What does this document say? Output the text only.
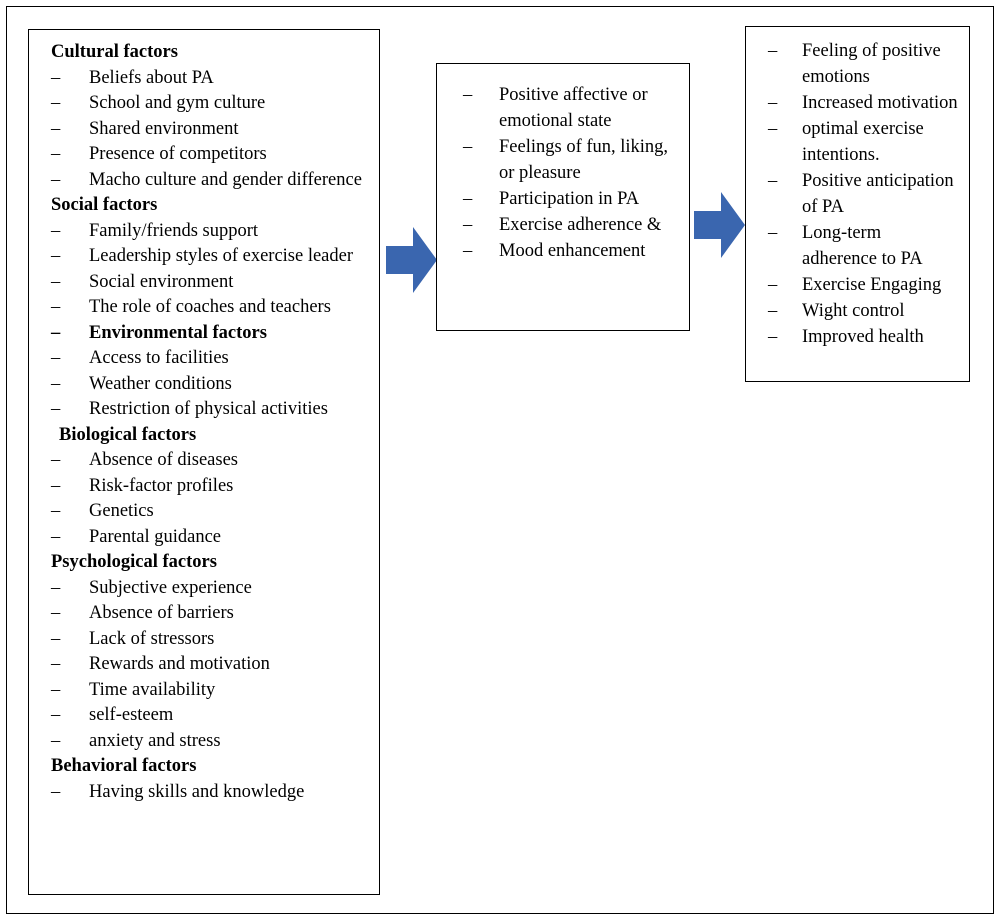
Cultural factors
– Beliefs about PA
– School and gym culture
– Shared environment
– Presence of competitors
– Macho culture and gender difference
Social factors
– Family/friends support
– Leadership styles of exercise leader
– Social environment
– The role of coaches and teachers
– Environmental factors
– Access to facilities
– Weather conditions
– Restriction of physical activities
Biological factors
– Absence of diseases
– Risk-factor profiles
– Genetics
– Parental guidance
Psychological factors
– Subjective experience
– Absence of barriers
– Lack of stressors
– Rewards and motivation
– Time availability
– self-esteem
– anxiety and stress
Behavioral factors
– Having skills and knowledge
– Positive affective or emotional state
– Feelings of fun, liking, or pleasure
– Participation in PA
– Exercise adherence &
– Mood enhancement
– Feeling of positive emotions
– Increased motivation
– optimal exercise intentions.
– Positive anticipation of PA
– Long-term adherence to PA
– Exercise Engaging
– Wight control
– Improved health
